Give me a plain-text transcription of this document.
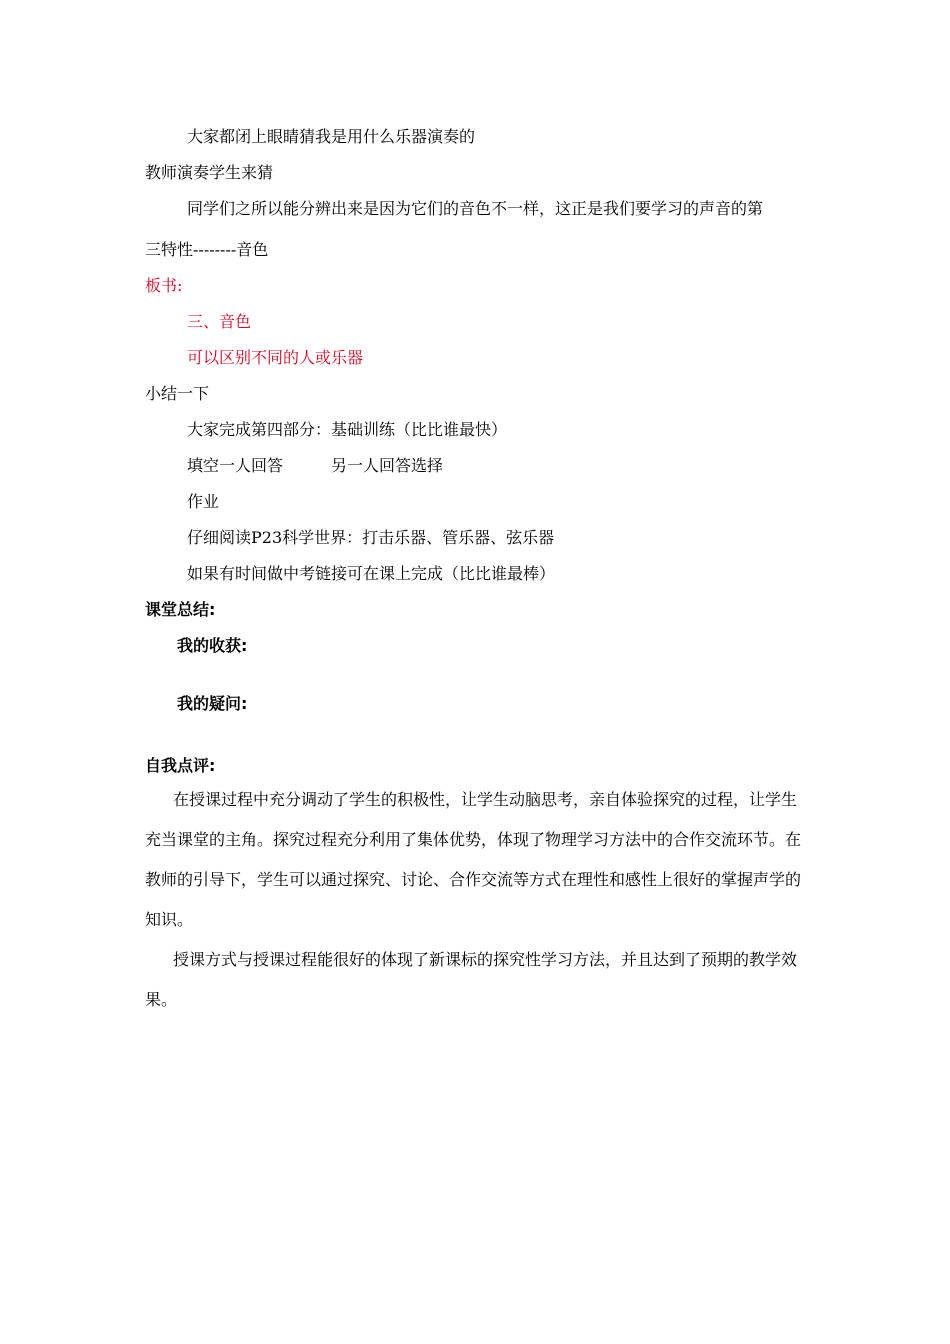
大家都闭上眼睛猜我是用什么乐器演奏的
教师演奏学生来猜
同学们之所以能分辨出来是因为它们的音色不一样，这正是我们要学习的声音的第
三特性--------音色
板书:
三、音色
可以区别不同的人或乐器
小结一下
大家完成第四部分：基础训练（比比谁最快）
填空一人回答	另一人回答选择
作业
仔细阅读P23科学世界：打击乐器、管乐器、弦乐器
如果有时间做中考链接可在课上完成（比比谁最棒）
课堂总结:
我的收获:
我的疑问:
自我点评:
在授课过程中充分调动了学生的积极性，让学生动脑思考，亲自体验探究的过程，让学生充当课堂的主角。探究过程充分利用了集体优势，体现了物理学习方法中的合作交流环节。在教师的引导下，学生可以通过探究、讨论、合作交流等方式在理性和感性上很好的掌握声学的知识。
授课方式与授课过程能很好的体现了新课标的探究性学习方法，并且达到了预期的教学效果。
